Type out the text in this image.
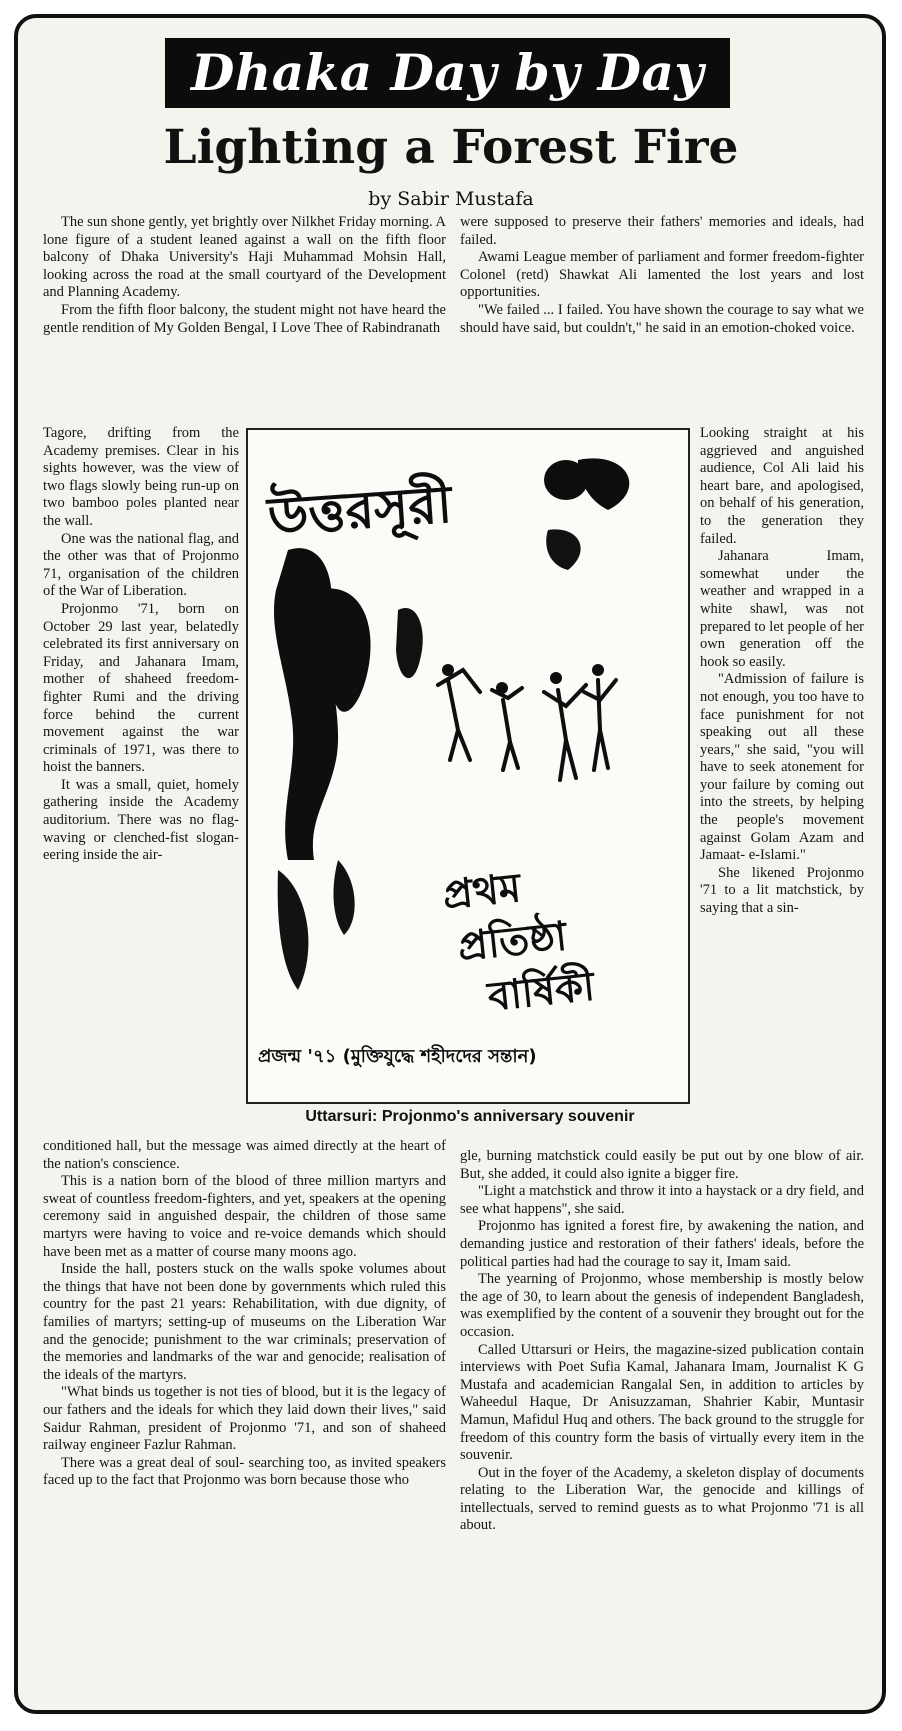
Dhaka Day by Day
Lighting a Forest Fire
by Sabir Mustafa

The sun shone gently, yet brightly over Nilkhet Friday morning. A lone figure of a student leaned against a wall on the fifth floor balcony of Dhaka University's Haji Muhammad Mohsin Hall, looking across the road at the small courtyard of the Development and Planning Academy.

From the fifth floor balcony, the student might not have heard the gentle rendition of My Golden Bengal, I Love Thee of Rabindranath

Tagore, drifting from the Academy premises. Clear in his sights however, was the view of two flags slowly being run-up on two bamboo poles planted near the wall.

One was the national flag, and the other was that of Projonmo 71, organisation of the children of the War of Liberation.

Projonmo '71, born on October 29 last year, belatedly celebrated its first anniversary on Friday, and Jahanara Imam, mother of shaheed freedom-fighter Rumi and the driving force behind the current movement against the war criminals of 1971, was there to hoist the banners.

It was a small, quiet, homely gathering inside the Academy auditorium. There was no flag-waving or clenched-fist slogan-eering inside the air-

conditioned hall, but the message was aimed directly at the heart of the nation's conscience.

This is a nation born of the blood of three million martyrs and sweat of countless freedom-fighters, and yet, speakers at the opening ceremony said in anguished despair, the children of those same martyrs were having to voice and re-voice demands which should have been met as a matter of course many moons ago.

Inside the hall, posters stuck on the walls spoke volumes about the things that have not been done by governments which ruled this country for the past 21 years: Rehabilitation, with due dignity, of families of martyrs; setting-up of museums on the Liberation War and the genocide; punishment to the war criminals; preservation of the memories and landmarks of the war and genocide; realisation of the ideals of the martyrs.

"What binds us together is not ties of blood, but it is the legacy of our fathers and the ideals for which they laid down their lives," said Saidur Rahman, president of Projonmo '71, and son of shaheed railway engineer Fazlur Rahman.

There was a great deal of soul- searching too, as invited speakers faced up to the fact that Projonmo was born because those who

were supposed to preserve their fathers' memories and ideals, had failed.

Awami League member of parliament and former freedom-fighter Colonel (retd) Shawkat Ali lamented the lost years and lost opportunities.

"We failed ... I failed. You have shown the courage to say what we should have said, but couldn't," he said in an emotion-choked voice.

Looking straight at his aggrieved and anguished audience, Col Ali laid his heart bare, and apologised, on behalf of his generation, to the generation they failed.

Jahanara Imam, somewhat under the weather and wrapped in a white shawl, was not prepared to let people of her own generation off the hook so easily.

"Admission of failure is not enough, you too have to face punishment for not speaking out all these years," she said, "you will have to seek atonement for your failure by coming out into the streets, by helping the people's movement against Golam Azam and Jamaat- e-Islami."

She likened Projonmo '71 to a lit matchstick, by saying that a sin-

gle, burning matchstick could easily be put out by one blow of air. But, she added, it could also ignite a bigger fire.

"Light a matchstick and throw it into a haystack or a dry field, and see what happens", she said.

Projonmo has ignited a forest fire, by awakening the nation, and demanding justice and restoration of their fathers' ideals, before the political parties had had the courage to say it, Imam said.

The yearning of Projonmo, whose membership is mostly below the age of 30, to learn about the genesis of independent Bangladesh, was exemplified by the content of a souvenir they brought out for the occasion.

Called Uttarsuri or Heirs, the magazine-sized publication contain interviews with Poet Sufia Kamal, Jahanara Imam, Journalist K G Mustafa and academician Rangalal Sen, in addition to articles by Waheedul Haque, Dr Anisuzzaman, Shahrier Kabir, Muntasir Mamun, Mafidul Huq and others. The back ground to the struggle for freedom of this country form the basis of virtually every item in the souvenir.

Out in the foyer of the Academy, a skeleton display of documents relating to the Liberation War, the genocide and killings of intellectuals, served to remind guests as to what Projonmo '71 is all about.

উত্তরসূরী
প্রথম
প্রতিষ্ঠা
বার্ষিকী
প্রজন্ম '৭১ (মুক্তিযুদ্ধে শহীদদের সন্তান)
Uttarsuri: Projonmo's anniversary souvenir
